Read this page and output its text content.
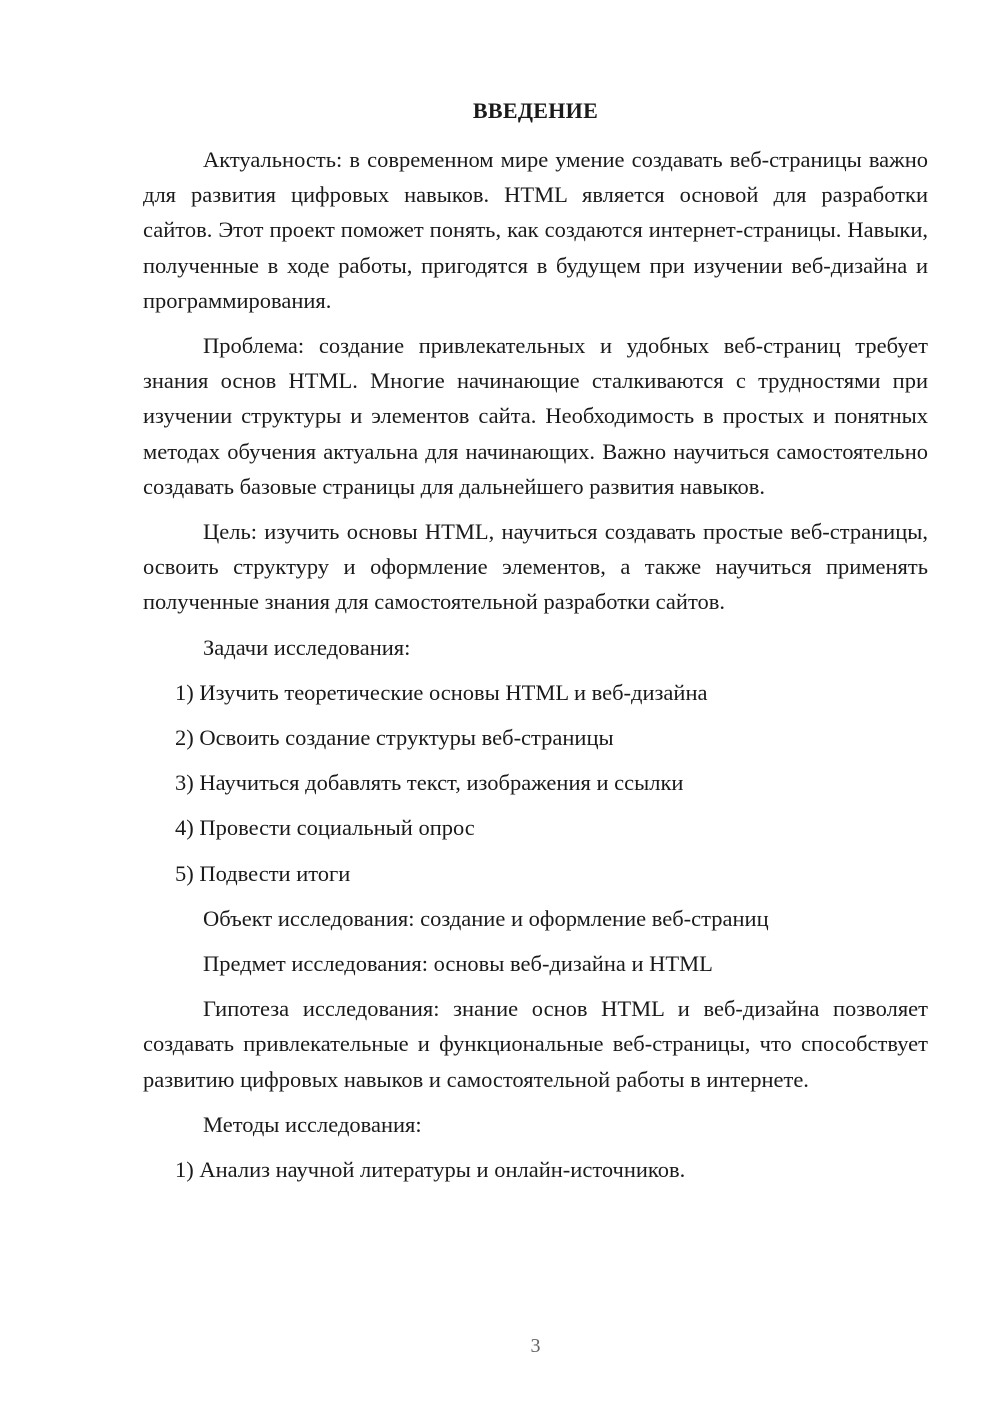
ВВЕДЕНИЕ

Актуальность: в современном мире умение создавать веб-страницы важно для развития цифровых навыков. HTML является основой для разработки сайтов. Этот проект поможет понять, как создаются интернет-страницы. Навыки, полученные в ходе работы, пригодятся в будущем при изучении веб-дизайна и программирования.

Проблема: создание привлекательных и удобных веб-страниц требует знания основ HTML. Многие начинающие сталкиваются с трудностями при изучении структуры и элементов сайта. Необходимость в простых и понятных методах обучения актуальна для начинающих. Важно научиться самостоятельно создавать базовые страницы для дальнейшего развития навыков.

Цель: изучить основы HTML, научиться создавать простые веб-страницы, освоить структуру и оформление элементов, а также научиться применять полученные знания для самостоятельной разработки сайтов.

Задачи исследования:
1) Изучить теоретические основы HTML и веб-дизайна
2) Освоить создание структуры веб-страницы
3) Научиться добавлять текст, изображения и ссылки
4) Провести социальный опрос
5) Подвести итоги
Объект исследования: создание и оформление веб-страниц
Предмет исследования: основы веб-дизайна и HTML

Гипотеза исследования: знание основ HTML и веб-дизайна позволяет создавать привлекательные и функциональные веб-страницы, что способствует развитию цифровых навыков и самостоятельной работы в интернете.

Методы исследования:
1) Анализ научной литературы и онлайн-источников.
3
